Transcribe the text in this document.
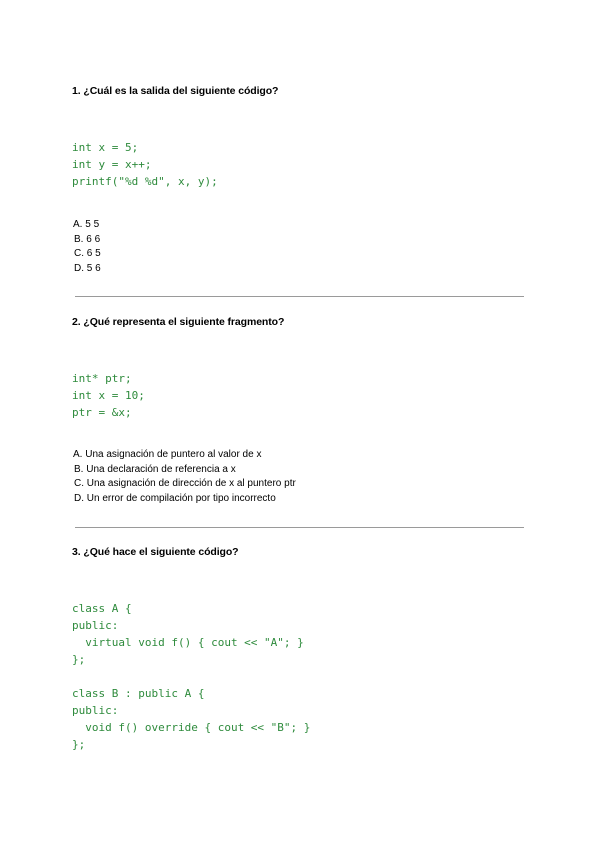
1. ¿Cuál es la salida del siguiente código?
int x = 5;
int y = x++;
printf("%d %d", x, y);
A. 5 5
B. 6 6
C. 6 5
D. 5 6
2. ¿Qué representa el siguiente fragmento?
int* ptr;
int x = 10;
ptr = &x;
A. Una asignación de puntero al valor de x
B. Una declaración de referencia a x
C. Una asignación de dirección de x al puntero ptr
D. Un error de compilación por tipo incorrecto
3. ¿Qué hace el siguiente código?
class A {
public:
virtual void f() { cout << "A"; }
};

class B : public A {
public:
void f() override { cout << "B"; }
};
